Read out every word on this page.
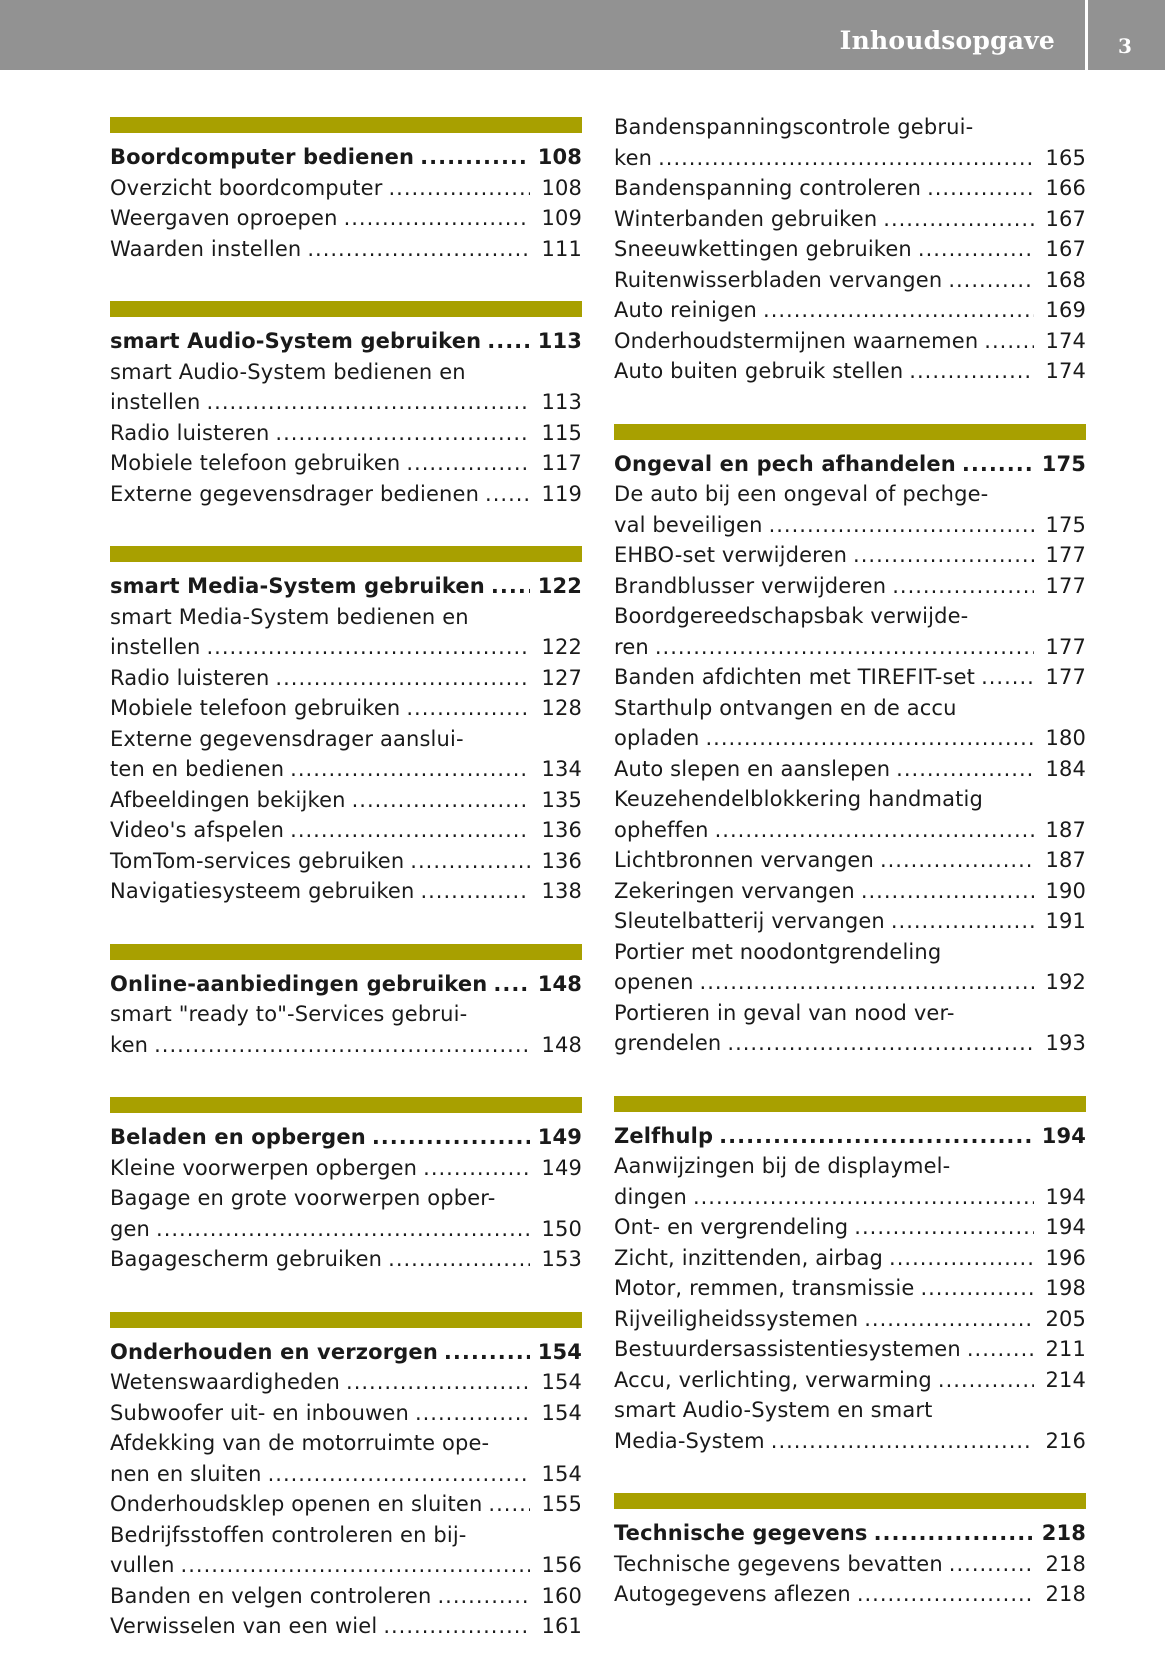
Inhoudsopgave	3
Boordcomputer bedienen .....	108
Overzicht boordcomputer .....	108
Weergaven oproepen .....	109
Waarden instellen .....	111
smart Audio-System gebruiken .....	113
smart Audio-System bedienen en
instellen .....	113
Radio luisteren .....	115
Mobiele telefoon gebruiken .....	117
Externe gegevensdrager bedienen .....	119
smart Media-System gebruiken .....	122
smart Media-System bedienen en
instellen .....	122
Radio luisteren .....	127
Mobiele telefoon gebruiken .....	128
Externe gegevensdrager aanslui-
ten en bedienen .....	134
Afbeeldingen bekijken .....	135
Video's afspelen .....	136
TomTom-services gebruiken .....	136
Navigatiesysteem gebruiken .....	138
Online-aanbiedingen gebruiken ..... 148
smart "ready to"-Services gebrui-
ken .....	148
Beladen en opbergen .....	149
Kleine voorwerpen opbergen .....	149
Bagage en grote voorwerpen opber-
gen .....	150
Bagagescherm gebruiken .....	153
Onderhouden en verzorgen .....	154
Wetenswaardigheden .....	154
Subwoofer uit- en inbouwen .....	154
Afdekking van de motorruimte ope-
nen en sluiten .....	154
Onderhoudsklep openen en sluiten .....	155
Bedrijfsstoffen controleren en bij-
vullen .....	156
Banden en velgen controleren .....	160
Verwisselen van een wiel .....	161
Bandenspanningscontrole gebrui-
ken .....	165
Bandenspanning controleren .....	166
Winterbanden gebruiken .....	167
Sneeuwkettingen gebruiken .....	167
Ruitenwisserbladen vervangen .....	168
Auto reinigen .....	169
Onderhoudstermijnen waarnemen .....	174
Auto buiten gebruik stellen .....	174
Ongeval en pech afhandelen .....	175
De auto bij een ongeval of pechge-
val beveiligen .....	175
EHBO-set verwijderen .....	177
Brandblusser verwijderen .....	177
Boordgereedschapsbak verwijde-
ren .....	177
Banden afdichten met TIREFIT-set .....	177
Starthulp ontvangen en de accu
opladen .....	180
Auto slepen en aanslepen .....	184
Keuzehendelblokkering handmatig
opheffen .....	187
Lichtbronnen vervangen .....	187
Zekeringen vervangen .....	190
Sleutelbatterij vervangen .....	191
Portier met noodontgrendeling
openen .....	192
Portieren in geval van nood ver-
grendelen .....	193
Zelfhulp .....	194
Aanwijzingen bij de displaymel-
dingen .....	194
Ont- en vergrendeling .....	194
Zicht, inzittenden, airbag .....	196
Motor, remmen, transmissie .....	198
Rijveiligheidssystemen .....	205
Bestuurdersassistentiesystemen .....	211
Accu, verlichting, verwarming .....	214
smart Audio-System en smart
Media-System .....	216
Technische gegevens .....	218
Technische gegevens bevatten .....	218
Autogegevens aflezen .....	218
